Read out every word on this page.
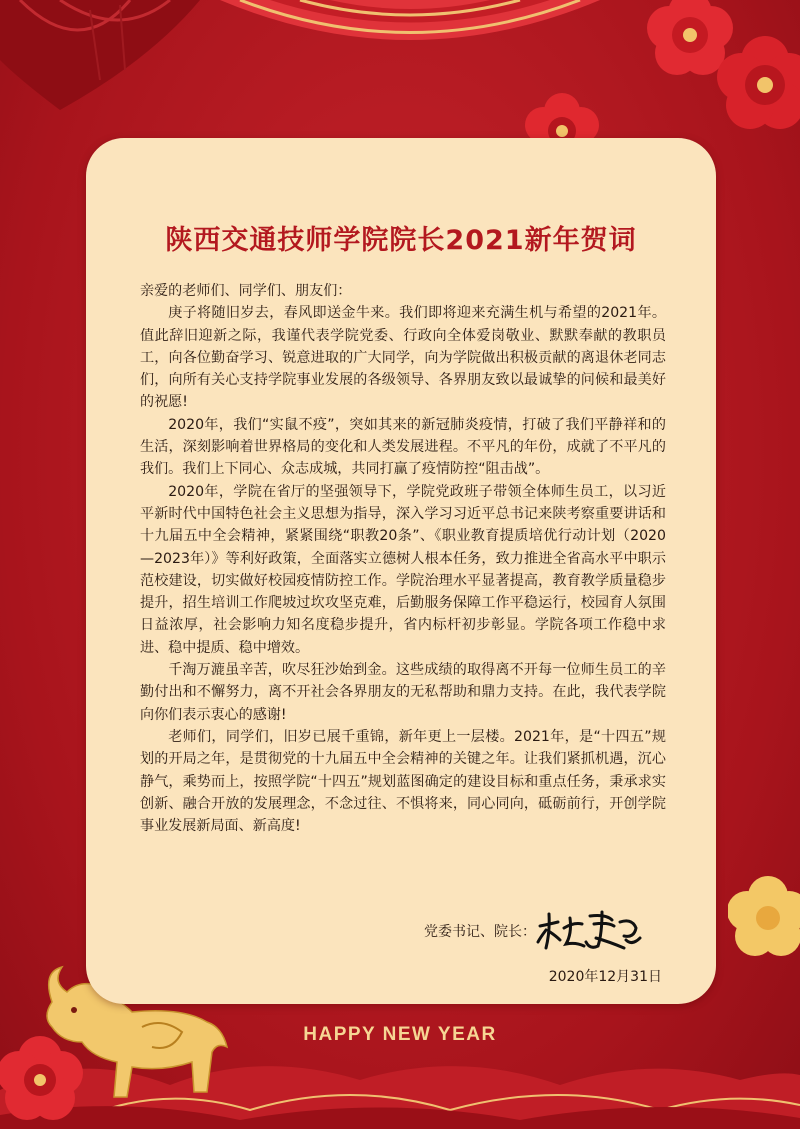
陕西交通技师学院院长2021新年贺词

亲爱的老师们、同学们、朋友们：

庚子将随旧岁去，春风即送金牛来。我们即将迎来充满生机与希望的2021年。值此辞旧迎新之际，我谨代表学院党委、行政向全体爱岗敬业、默默奉献的教职员工，向各位勤奋学习、锐意进取的广大同学，向为学院做出积极贡献的离退休老同志们，向所有关心支持学院事业发展的各级领导、各界朋友致以最诚挚的问候和最美好的祝愿!

2020年，我们“实鼠不疫”，突如其来的新冠肺炎疫情，打破了我们平静祥和的生活，深刻影响着世界格局的变化和人类发展进程。不平凡的年份，成就了不平凡的我们。我们上下同心、众志成城，共同打赢了疫情防控“阻击战”。

2020年，学院在省厅的坚强领导下，学院党政班子带领全体师生员工，以习近平新时代中国特色社会主义思想为指导，深入学习习近平总书记来陕考察重要讲话和十九届五中全会精神，紧紧围绕“职教20条”、《职业教育提质培优行动计划（2020—2023年）》等利好政策，全面落实立德树人根本任务，致力推进全省高水平中职示范校建设，切实做好校园疫情防控工作。学院治理水平显著提高，教育教学质量稳步提升，招生培训工作爬坡过坎攻坚克难，后勤服务保障工作平稳运行，校园育人氛围日益浓厚，社会影响力知名度稳步提升，省内标杆初步彰显。学院各项工作稳中求进、稳中提质、稳中增效。

千淘万漉虽辛苦，吹尽狂沙始到金。这些成绩的取得离不开每一位师生员工的辛勤付出和不懈努力，离不开社会各界朋友的无私帮助和鼎力支持。在此，我代表学院向你们表示衷心的感谢!

老师们，同学们，旧岁已展千重锦，新年更上一层楼。2021年，是“十四五”规划的开局之年，是贯彻党的十九届五中全会精神的关键之年。让我们紧抓机遇，沉心静气，乘势而上，按照学院“十四五”规划蓝图确定的建设目标和重点任务，秉承求实创新、融合开放的发展理念，不念过往、不惧将来，同心同向，砥砺前行，开创学院事业发展新局面、新高度!

党委书记、院长：
2020年12月31日
HAPPY NEW YEAR
